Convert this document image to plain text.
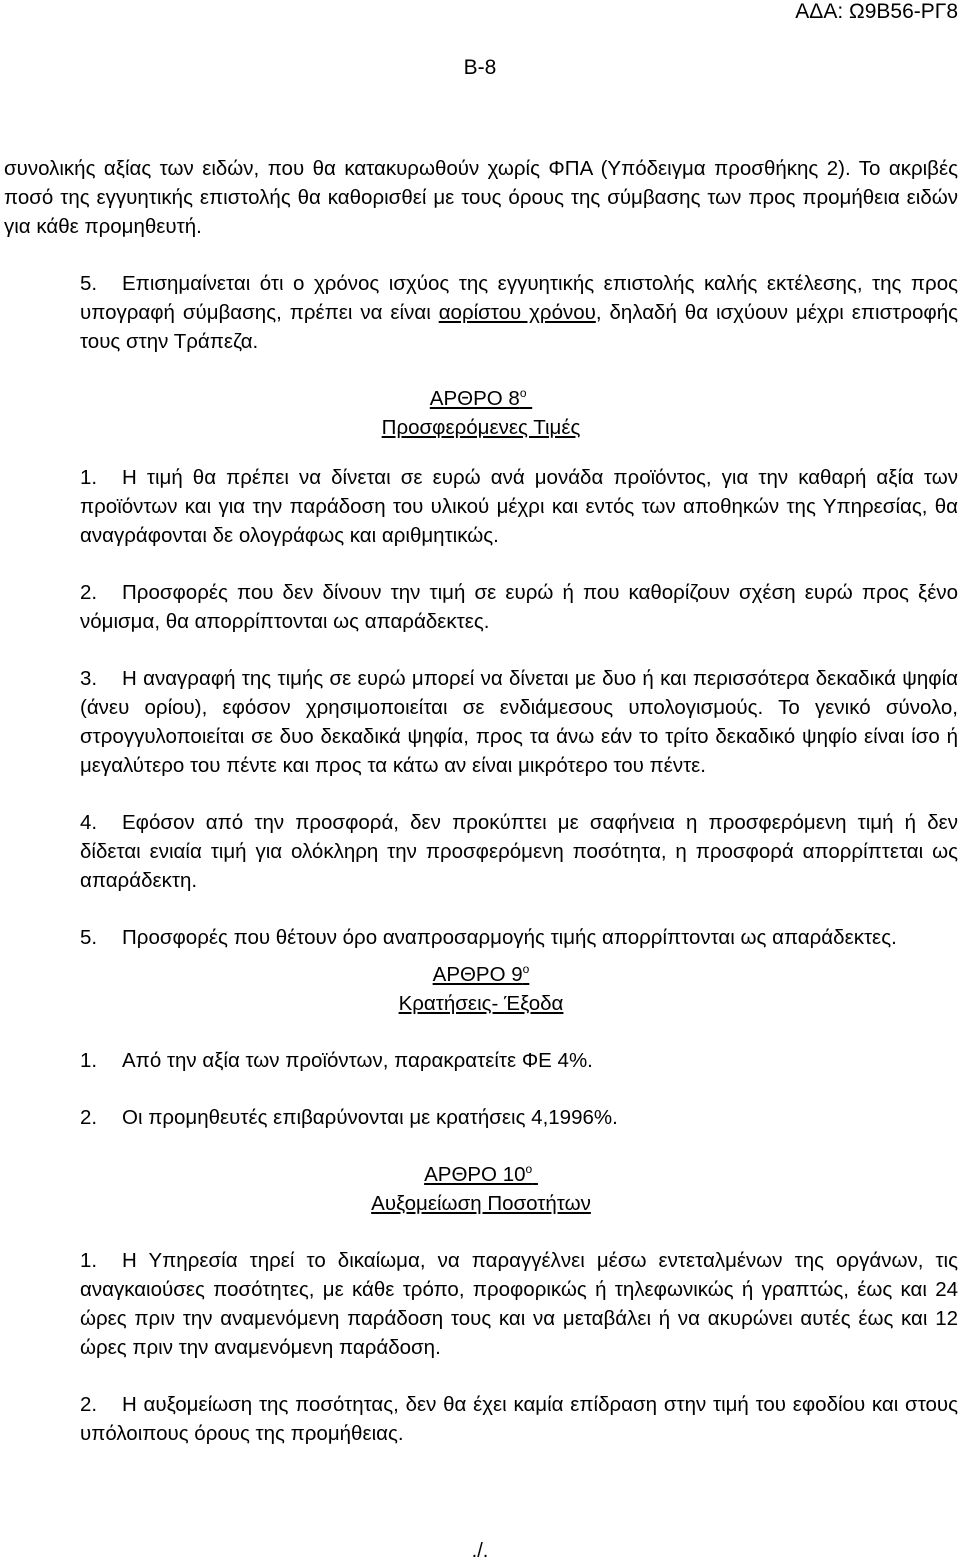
ΑΔΑ: Ω9Β56-ΡΓ8
Β-8

συνολικής αξίας των ειδών, που θα κατακυρωθούν χωρίς ΦΠΑ (Υπόδειγμα προσθήκης 2). Το ακριβές ποσό της εγγυητικής επιστολής θα καθορισθεί με τους όρους της σύμβασης των προς προμήθεια ειδών για κάθε προμηθευτή.

5. Επισημαίνεται ότι ο χρόνος ισχύος της εγγυητικής επιστολής καλής εκτέλεσης, της προς υπογραφή σύμβασης, πρέπει να είναι αορίστου χρόνου, δηλαδή θα ισχύουν μέχρι επιστροφής τους στην Τράπεζα.

ΑΡΘΡΟ $8^o$

Προσφερόμενες Τιμές

1. Η τιμή θα πρέπει να δίνεται σε ευρώ ανά μονάδα προϊόντος, για την καθαρή αξία των προϊόντων και για την παράδοση του υλικού μέχρι και εντός των αποθηκών της Υπηρεσίας, θα αναγράφονται δε ολογράφως και αριθμητικώς.

2. Προσφορές που δεν δίνουν την τιμή σε ευρώ ή που καθορίζουν σχέση ευρώ προς ξένο νόμισμα, θα απορρίπτονται ως απαράδεκτες.

3. Η αναγραφή της τιμής σε ευρώ μπορεί να δίνεται με δυο ή και περισσότερα δεκαδικά ψηφία (άνευ ορίου), εφόσον χρησιμοποιείται σε ενδιάμεσους υπολογισμούς. Το γενικό σύνολο, στρογγυλοποιείται σε δυο δεκαδικά ψηφία, προς τα άνω εάν το τρίτο δεκαδικό ψηφίο είναι ίσο ή μεγαλύτερο του πέντε και προς τα κάτω αν είναι μικρότερο του πέντε.

4. Εφόσον από την προσφορά, δεν προκύπτει με σαφήνεια η προσφερόμενη τιμή ή δεν δίδεται ενιαία τιμή για ολόκληρη την προσφερόμενη ποσότητα, η προσφορά απορρίπτεται ως απαράδεκτη.

5. Προσφορές που θέτουν όρο αναπροσαρμογής τιμής απορρίπτονται ως απαράδεκτες.

ΑΡΘΡΟ $9^o$

Κρατήσεις- Έξοδα

1. Από την αξία των προϊόντων, παρακρατείτε ΦΕ 4%.

2. Οι προμηθευτές επιβαρύνονται με κρατήσεις 4,1996%.

ΑΡΘΡΟ $10^o$

Αυξομείωση Ποσοτήτων

1. Η Υπηρεσία τηρεί το δικαίωμα, να παραγγέλνει μέσω εντεταλμένων της οργάνων, τις αναγκαιούσες ποσότητες, με κάθε τρόπο, προφορικώς ή τηλεφωνικώς ή γραπτώς, έως και 24 ώρες πριν την αναμενόμενη παράδοση τους και να μεταβάλει ή να ακυρώνει αυτές έως και 12 ώρες πριν την αναμενόμενη παράδοση.

2. Η αυξομείωση της ποσότητας, δεν θα έχει καμία επίδραση στην τιμή του εφοδίου και στους υπόλοιπους όρους της προμήθειας.

./.
